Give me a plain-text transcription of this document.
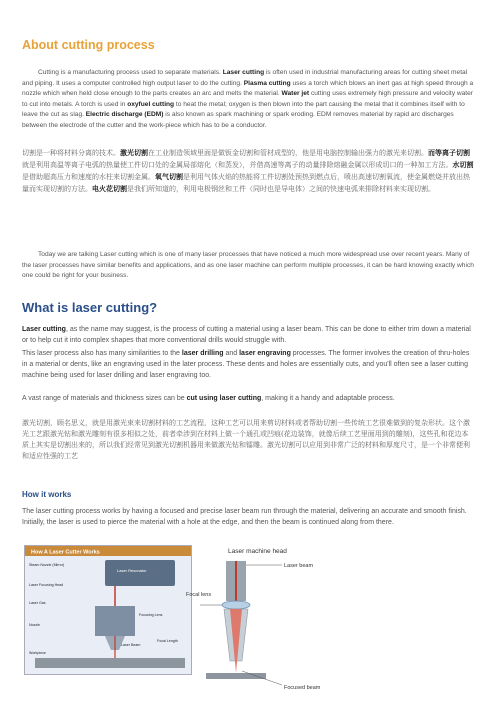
About cutting process
Cutting is a manufacturing process used to separate materials. Laser cutting is often used in industrial manufacturing areas for cutting sheet metal and piping. It uses a computer controlled high output laser to do the cutting. Plasma cutting uses a torch which blows an inert gas at high speed through a nozzle which when held close enough to the parts creates an arc and melts the material. Water jet cutting uses extremely high pressure and velocity water to cut into metals. A torch is used in oxyfuel cutting to heat the metal; oxygen is then blown into the part causing the metal that it combines itself with to leave the cut as slag. Electric discharge (EDM) is also known as spark machining or spark eroding. EDM removes material by rapid arc discharges between the electrode of the cutter and the work-piece which has to be a conductor.
切割是一种将材料分离的技术。激光切割在工业制造领域里面是做钣金切割和管材成型的，他是用电脑控制输出强力的激光来切割。而等离子切割就是利用高温等离子电弧的热量使工件切口处的金属局部熔化（和蒸发），并借高速等离子的动量排除熔融金属以形成切口的一种加工方法。水切割是借助超高压力和速度的水柱来切割金属。氧气切割是利用气体火焰的热能将工件切割处预热到燃点后，喷出高速切割氧流，使金属燃烧并放出热量而实现切割的方法。电火花切割是我们所知道的，利用电极钢丝和工件（同时也是导电体）之间的快速电弧来排除材料来实现切割。
Today we are talking Laser cutting which is one of many laser processes that have noticed a much more widespread use over recent years. Many of the laser processes have similar benefits and applications, and as one laser machine can perform multiple processes, it can be hard knowing exactly which one could be right for your business.
What is laser cutting?
Laser cutting, as the name may suggest, is the process of cutting a material using a laser beam. This can be done to either trim down a material or to help cut it into complex shapes that more conventional drills would struggle with.
This laser process also has many similarities to the laser drilling and laser engraving processes. The former involves the creation of thru-holes in a material or dents, like an engraving used in the later process. These dents and holes are essentially cuts, and you'll often see a laser cutting machine being used for laser drilling and laser engraving too.
A vast range of materials and thickness sizes can be cut using laser cutting, making it a handy and adaptable process.
激光切割，顾名思义，就是用激光束来切割材料的工艺流程，这种工艺可以用来剪切材料或者帮助切割一些传统工艺很难做到的复杂形状。这个激光工艺跟激光钻和激光雕刻有很多相似之处，前者牵涉到在材料上做一个通孔或凹痕(花边装饰，就像后续工艺里面用到的雕刻)，这些孔和花边本质上其实是切割出来的，所以我们经常见到激光切割机器用来做激光钻和镭雕。激光切割可以应用到非常广泛的材料和厚度尺寸，是一个非常便利和适应性强的工艺
How it works
The laser cutting process works by having a focused and precise laser beam run through the material, delivering an accurate and smooth finish. Initially, the laser is used to pierce the material with a hole at the edge, and then the beam is continued along from there.
How A Laser Cutter Works
Laser Resonator
Steam Nozzle (Mirror)
Laser Focusing Head
Laser Gas
Nozzle
Workpiece
Focusing Lens
Laser Beam
Focal Length
Laser machine head
Laser beam
Focal lens
Focused beam
